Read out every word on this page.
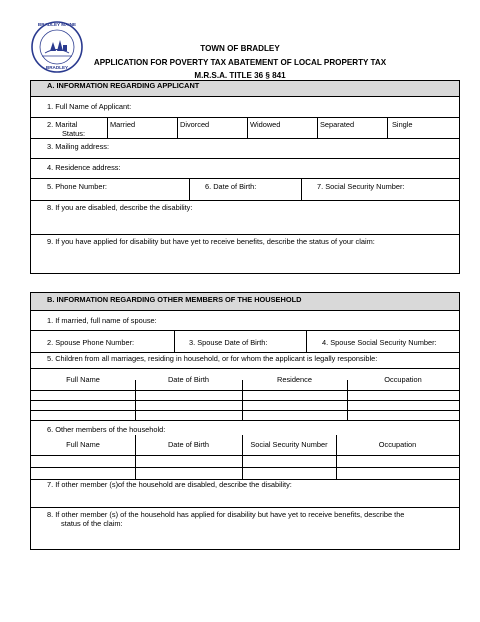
BRADLEY MAINE
BRADLEY
TOWN OF BRADLEY
APPLICATION FOR POVERTY TAX ABATEMENT OF LOCAL PROPERTY TAX
M.R.S.A. TITLE 36 § 841
A. INFORMATION REGARDING APPLICANT
1. Full Name of Applicant:
2. Marital
Status:
Married	Divorced	Widowed	Separated	Single
3. Mailing address:
4. Residence address:
5. Phone Number:	6. Date of Birth:	7. Social Security Number:
8. If you are disabled, describe the disability:
9. If you have applied for disability but have yet to receive benefits, describe the status of your claim:
B. INFORMATION REGARDING OTHER MEMBERS OF THE HOUSEHOLD
1. If married, full name of spouse:
2. Spouse Phone Number:	3. Spouse Date of Birth:	4. Spouse Social Security Number:
5. Children from all marriages, residing in household, or for whom the applicant is legally responsible:
Full Name	Date of Birth	Residence	Occupation
6. Other members of the household:
Full Name	Date of Birth	Social Security Number	Occupation
7. If other member (s)of the household are disabled, describe the disability:
8. If other member (s) of the household has applied for disability but have yet to receive benefits, describe the
status of the claim:
